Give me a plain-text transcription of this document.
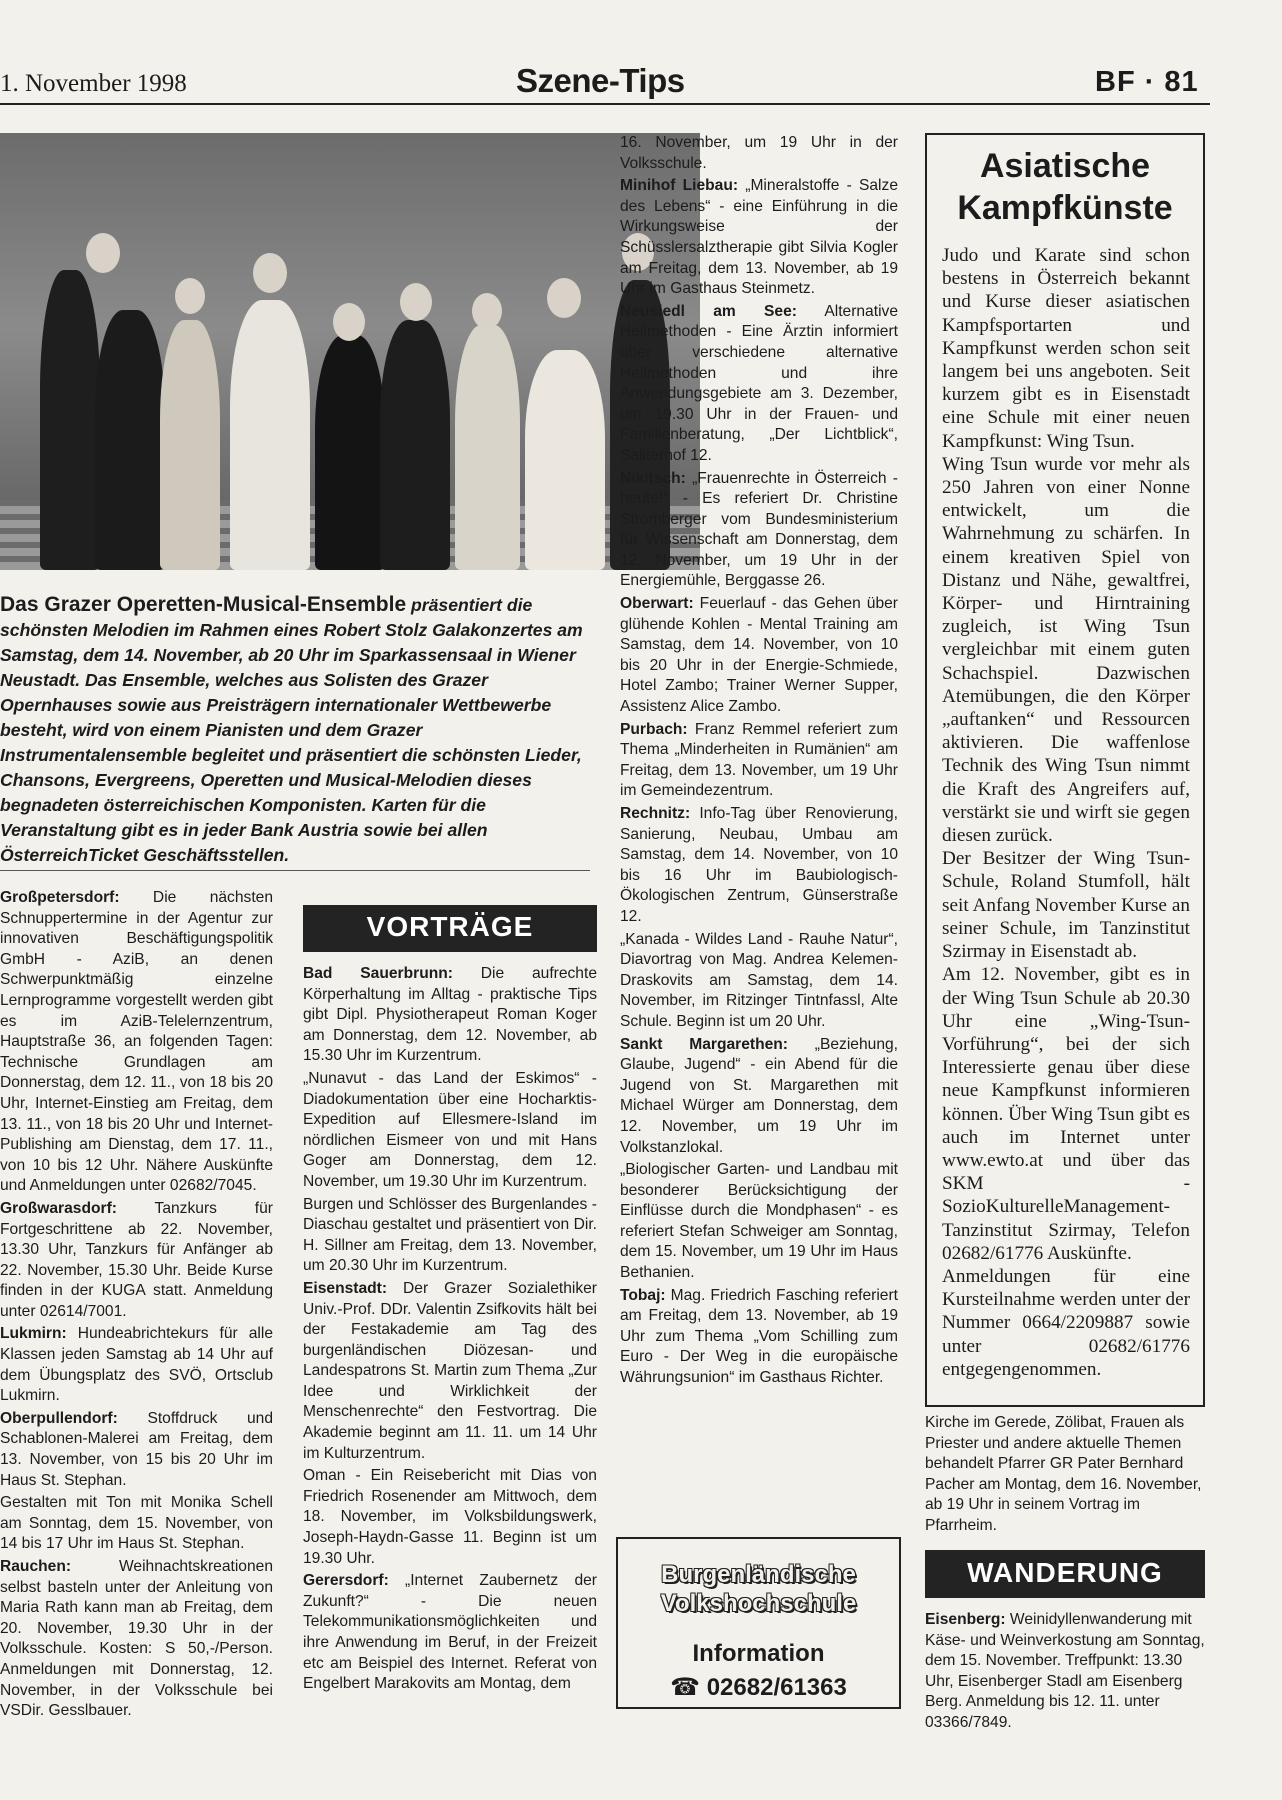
1. November 1998	Szene-Tips	BF · 81
Das Grazer Operetten-Musical-Ensemble präsentiert die schönsten Melodien im Rahmen eines Robert Stolz Galakonzertes am Samstag, dem 14. November, ab 20 Uhr im Sparkassensaal in Wiener Neustadt. Das Ensemble, welches aus Solisten des Grazer Opernhauses sowie aus Preisträgern internationaler Wettbewerbe besteht, wird von einem Pianisten und dem Grazer Instrumentalensemble begleitet und präsentiert die schönsten Lieder, Chansons, Evergreens, Operetten und Musical-Melodien dieses begnadeten österreichischen Komponisten. Karten für die Veranstaltung gibt es in jeder Bank Austria sowie bei allen ÖsterreichTicket Geschäftsstellen.

Großpetersdorf: Die nächsten Schnuppertermine in der Agentur zur innovativen Beschäftigungspolitik GmbH - AziB, an denen Schwerpunktmäßig einzelne Lernprogramme vorgestellt werden gibt es im AziB-Telelernzentrum, Hauptstraße 36, an folgenden Tagen: Technische Grundlagen am Donnerstag, dem 12. 11., von 18 bis 20 Uhr, Internet-Einstieg am Freitag, dem 13. 11., von 18 bis 20 Uhr und Internet-Publishing am Dienstag, dem 17. 11., von 10 bis 12 Uhr. Nähere Auskünfte und Anmeldungen unter 02682/7045.

Großwarasdorf: Tanzkurs für Fortgeschrittene ab 22. November, 13.30 Uhr, Tanzkurs für Anfänger ab 22. November, 15.30 Uhr. Beide Kurse finden in der KUGA statt. Anmeldung unter 02614/7001.

Lukmirn: Hundeabrichtekurs für alle Klassen jeden Samstag ab 14 Uhr auf dem Übungsplatz des SVÖ, Ortsclub Lukmirn.

Oberpullendorf: Stoffdruck und Schablonen-Malerei am Freitag, dem 13. November, von 15 bis 20 Uhr im Haus St. Stephan.

Gestalten mit Ton mit Monika Schell am Sonntag, dem 15. November, von 14 bis 17 Uhr im Haus St. Stephan.

Rauchen: Weihnachtskreationen selbst basteln unter der Anleitung von Maria Rath kann man ab Freitag, dem 20. November, 19.30 Uhr in der Volksschule. Kosten: S 50,-/Person. Anmeldungen mit Donnerstag, 12. November, in der Volksschule bei VSDir. Gesslbauer.

VORTRÄGE

Bad Sauerbrunn: Die aufrechte Körperhaltung im Alltag - praktische Tips gibt Dipl. Physiotherapeut Roman Koger am Donnerstag, dem 12. November, ab 15.30 Uhr im Kurzentrum.

„Nunavut - das Land der Eskimos“ - Diadokumentation über eine Hocharktis-Expedition auf Ellesmere-Island im nördlichen Eismeer von und mit Hans Goger am Donnerstag, dem 12. November, um 19.30 Uhr im Kurzentrum.

Burgen und Schlösser des Burgenlandes - Diaschau gestaltet und präsentiert von Dir. H. Sillner am Freitag, dem 13. November, um 20.30 Uhr im Kurzentrum.

Eisenstadt: Der Grazer Sozialethiker Univ.-Prof. DDr. Valentin Zsifkovits hält bei der Festakademie am Tag des burgenländischen Diözesan- und Landespatrons St. Martin zum Thema „Zur Idee und Wirklichkeit der Menschenrechte“ den Festvortrag. Die Akademie beginnt am 11. 11. um 14 Uhr im Kulturzentrum.

Oman - Ein Reisebericht mit Dias von Friedrich Rosenender am Mittwoch, dem 18. November, im Volksbildungswerk, Joseph-Haydn-Gasse 11. Beginn ist um 19.30 Uhr.

Gerersdorf: „Internet Zaubernetz der Zukunft?“ - Die neuen Telekommunikationsmöglichkeiten und ihre Anwendung im Beruf, in der Freizeit etc am Beispiel des Internet. Referat von Engelbert Marakovits am Montag, dem

16. November, um 19 Uhr in der Volksschule.

Minihof Liebau: „Mineralstoffe - Salze des Lebens“ - eine Einführung in die Wirkungsweise der Schüsslersalztherapie gibt Silvia Kogler am Freitag, dem 13. November, ab 19 Uhr im Gasthaus Steinmetz.

Neusiedl am See: Alternative Heilmethoden - Eine Ärztin informiert über verschiedene alternative Heilmethoden und ihre Anwendungsgebiete am 3. Dezember, um 19.30 Uhr in der Frauen- und Familienberatung, „Der Lichtblick“, Saliterhof 12.

Nikitsch: „Frauenrechte in Österreich - heute!“ - Es referiert Dr. Christine Stromberger vom Bundesministerium für Wissenschaft am Donnerstag, dem 12. November, um 19 Uhr in der Energiemühle, Berggasse 26.

Oberwart: Feuerlauf - das Gehen über glühende Kohlen - Mental Training am Samstag, dem 14. November, von 10 bis 20 Uhr in der Energie-Schmiede, Hotel Zambo; Trainer Werner Supper, Assistenz Alice Zambo.

Purbach: Franz Remmel referiert zum Thema „Minderheiten in Rumänien“ am Freitag, dem 13. November, um 19 Uhr im Gemeindezentrum.

Rechnitz: Info-Tag über Renovierung, Sanierung, Neubau, Umbau am Samstag, dem 14. November, von 10 bis 16 Uhr im Baubiologisch-Ökologischen Zentrum, Günserstraße 12.

„Kanada - Wildes Land - Rauhe Natur“, Diavortrag von Mag. Andrea Kelemen-Draskovits am Samstag, dem 14. November, im Ritzinger Tintnfassl, Alte Schule. Beginn ist um 20 Uhr.

Sankt Margarethen: „Beziehung, Glaube, Jugend“ - ein Abend für die Jugend von St. Margarethen mit Michael Würger am Donnerstag, dem 12. November, um 19 Uhr im Volkstanzlokal.

„Biologischer Garten- und Landbau mit besonderer Berücksichtigung der Einflüsse durch die Mondphasen“ - es referiert Stefan Schweiger am Sonntag, dem 15. November, um 19 Uhr im Haus Bethanien.

Tobaj: Mag. Friedrich Fasching referiert am Freitag, dem 13. November, ab 19 Uhr zum Thema „Vom Schilling zum Euro - Der Weg in die europäische Währungsunion“ im Gasthaus Richter.

Burgenländische
Volkshochschule
Information
☎ 02682/61363
Asiatische
Kampfkünste

Judo und Karate sind schon bestens in Österreich bekannt und Kurse dieser asiatischen Kampfsportarten und Kampfkunst werden schon seit langem bei uns angeboten. Seit kurzem gibt es in Eisenstadt eine Schule mit einer neuen Kampfkunst: Wing Tsun.

Wing Tsun wurde vor mehr als 250 Jahren von einer Nonne entwickelt, um die Wahrnehmung zu schärfen. In einem kreativen Spiel von Distanz und Nähe, gewaltfrei, Körper- und Hirntraining zugleich, ist Wing Tsun vergleichbar mit einem guten Schachspiel. Dazwischen Atemübungen, die den Körper „auftanken“ und Ressourcen aktivieren. Die waffenlose Technik des Wing Tsun nimmt die Kraft des Angreifers auf, verstärkt sie und wirft sie gegen diesen zurück.

Der Besitzer der Wing Tsun-Schule, Roland Stumfoll, hält seit Anfang November Kurse an seiner Schule, im Tanzinstitut Szirmay in Eisenstadt ab.

Am 12. November, gibt es in der Wing Tsun Schule ab 20.30 Uhr eine „Wing-Tsun-Vorführung“, bei der sich Interessierte genau über diese neue Kampfkunst informieren können. Über Wing Tsun gibt es auch im Internet unter www.ewto.at und über das SKM - SozioKulturelleManagement- Tanzinstitut Szirmay, Telefon 02682/61776 Auskünfte.

Anmeldungen für eine Kursteilnahme werden unter der Nummer 0664/2209887 sowie unter 02682/61776 entgegengenommen.

Kirche im Gerede, Zölibat, Frauen als Priester und andere aktuelle Themen behandelt Pfarrer GR Pater Bernhard Pacher am Montag, dem 16. November, ab 19 Uhr in seinem Vortrag im Pfarrheim.
WANDERUNG
Eisenberg: Weinidyllenwanderung mit Käse- und Weinverkostung am Sonntag, dem 15. November. Treffpunkt: 13.30 Uhr, Eisenberger Stadl am Eisenberg Berg. Anmeldung bis 12. 11. unter 03366/7849.
